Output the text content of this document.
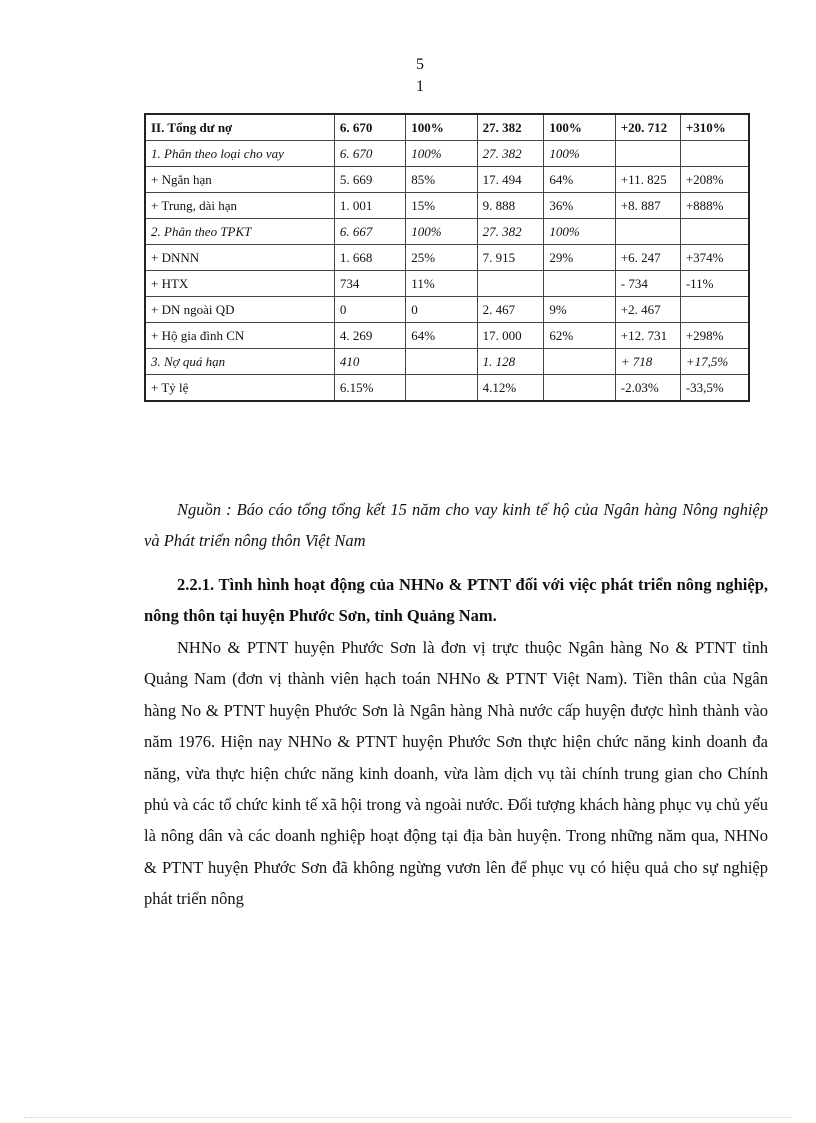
5
1
II. Tổng dư nợ	6. 670	100%	27. 382	100%	+20. 712	+310%
1. Phân theo loại cho vay	6. 670	100%	27. 382	100%		
+ Ngắn hạn	5. 669	85%	17. 494	64%	+11. 825	+208%
+ Trung, dài hạn	1. 001	15%	9. 888	36%	+8. 887	+888%
2. Phân theo TPKT	6. 667	100%	27. 382	100%		
+ DNNN	1. 668	25%	7. 915	29%	+6. 247	+374%
+ HTX	734	11%			- 734	-11%
+ DN ngoài QD	0	0	2. 467	9%	+2. 467	
+ Hộ gia đình CN	4. 269	64%	17. 000	62%	+12. 731	+298%
3. Nợ quá hạn	410		1. 128		+ 718	+17,5%
+ Tỷ lệ	6.15%		4.12%		-2.03%	-33,5%

Nguồn : Báo cáo tổng tổng kết 15 năm cho vay kinh tế hộ của Ngân hàng Nông nghiệp và Phát triển nông thôn Việt Nam

2.2.1. Tình hình hoạt động của NHNo & PTNT đối với việc phát triển nông nghiệp, nông thôn tại huyện Phước Sơn, tỉnh Quảng Nam.

NHNo & PTNT huyện Phước Sơn là đơn vị trực thuộc Ngân hàng No & PTNT tỉnh Quảng Nam (đơn vị thành viên hạch toán NHNo & PTNT Việt Nam). Tiền thân của Ngân hàng No & PTNT huyện Phước Sơn là Ngân hàng Nhà nước cấp huyện được hình thành vào năm 1976. Hiện nay NHNo & PTNT huyện Phước Sơn thực hiện chức năng kinh doanh đa năng, vừa thực hiện chức năng kinh doanh, vừa làm dịch vụ tài chính trung gian cho Chính phủ và các tổ chức kinh tế xã hội trong và ngoài nước. Đối tượng khách hàng phục vụ chủ yếu là nông dân và các doanh nghiệp hoạt động tại địa bàn huyện. Trong những năm qua, NHNo & PTNT huyện Phước Sơn đã không ngừng vươn lên để phục vụ có hiệu quả cho sự nghiệp phát triển nông
